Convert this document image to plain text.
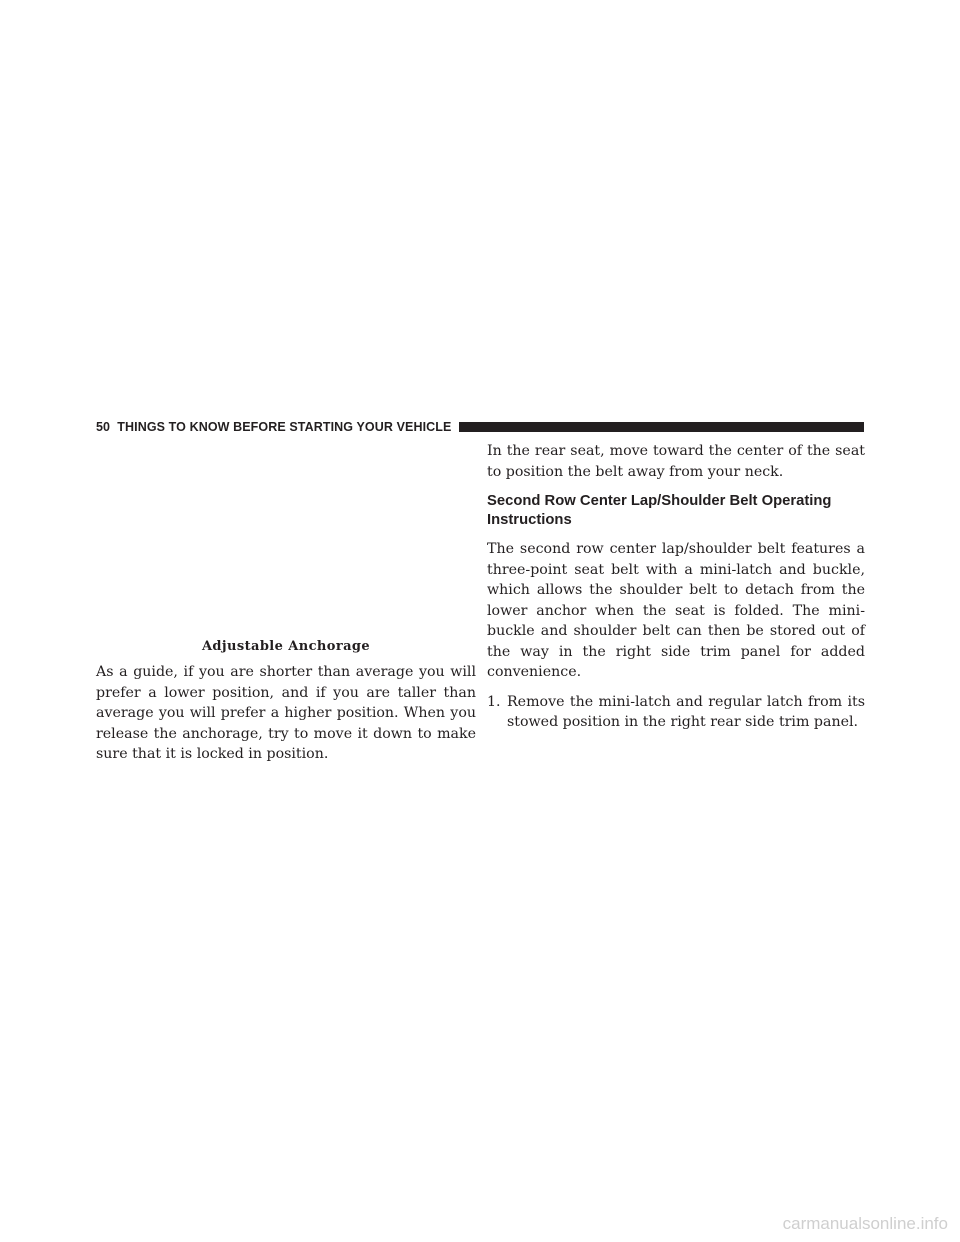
50 THINGS TO KNOW BEFORE STARTING YOUR VEHICLE
Adjustable Anchorage

As a guide, if you are shorter than average you will prefer a lower position, and if you are taller than average you will prefer a higher position. When you release the anchorage, try to move it down to make sure that it is locked in position.

In the rear seat, move toward the center of the seat to position the belt away from your neck.

Second Row Center Lap/Shoulder Belt Operating Instructions

The second row center lap/shoulder belt features a three-point seat belt with a mini-latch and buckle, which allows the shoulder belt to detach from the lower anchor when the seat is folded. The mini-buckle and shoulder belt can then be stored out of the way in the right side trim panel for added convenience.

1. Remove the mini-latch and regular latch from its stowed position in the right rear side trim panel.
carmanualsonline.info
